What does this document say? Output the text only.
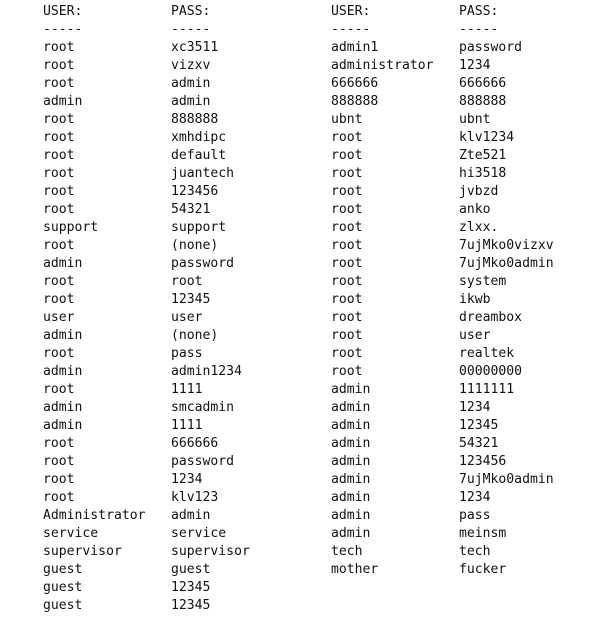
USER:
-----
root
root
root
admin
root
root
root
root
root
root
support
root
admin
root
root
user
admin
root
admin
root
admin
admin
root
root
root
root
Administrator
service
supervisor
guest
guest
guest
PASS:
-----
xc3511
vizxv
admin
admin
888888
xmhdipc
default
juantech
123456
54321
support
(none)
password
root
12345
user
(none)
pass
admin1234
1111
smcadmin
1111
666666
password
1234
klv123
admin
service
supervisor
guest
12345
12345
USER:
-----
admin1
administrator
666666
888888
ubnt
root
root
root
root
root
root
root
root
root
root
root
root
root
root
admin
admin
admin
admin
admin
admin
admin
admin
admin
tech
mother
PASS:
-----
password
1234
666666
888888
ubnt
klv1234
Zte521
hi3518
jvbzd
anko
zlxx.
7ujMko0vizxv
7ujMko0admin
system
ikwb
dreambox
user
realtek
00000000
1111111
1234
12345
54321
123456
7ujMko0admin
1234
pass
meinsm
tech
fucker
